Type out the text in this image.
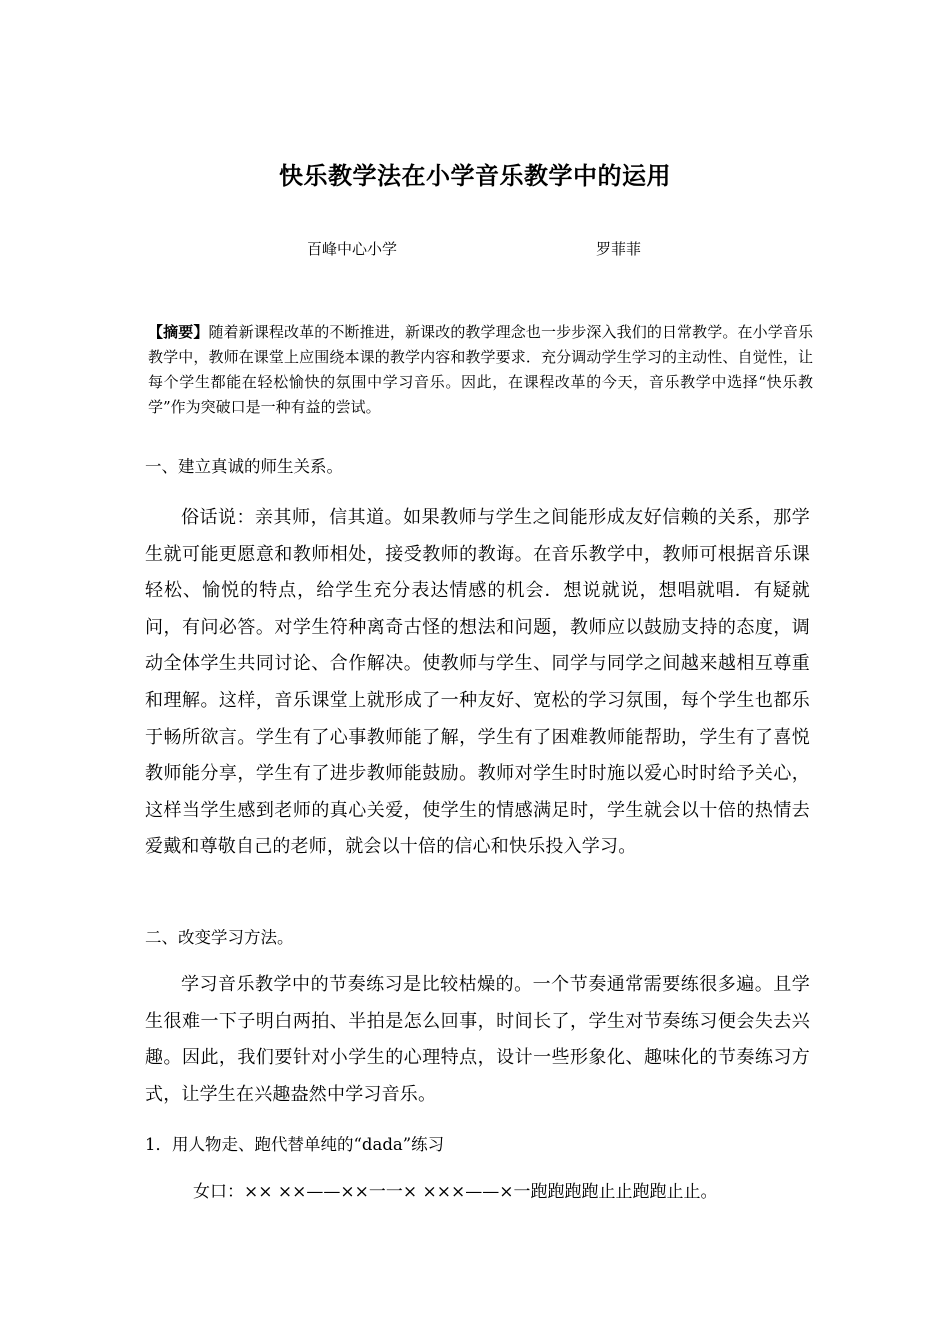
快乐教学法在小学音乐教学中的运用
百峰中心小学	罗菲菲
【摘要】随着新课程改革的不断推进，新课改的教学理念也一步步深入我们的日常教学。在小学音乐教学中，教师在课堂上应围绕本课的教学内容和教学要求．充分调动学生学习的主动性、自觉性，让每个学生都能在轻松愉快的氛围中学习音乐。因此，在课程改革的今天，音乐教学中选择“快乐教学”作为突破口是一种有益的尝试。
一、建立真诚的师生关系。
俗话说：亲其师，信其道。如果教师与学生之间能形成友好信赖的关系，那学生就可能更愿意和教师相处，接受教师的教诲。在音乐教学中，教师可根据音乐课轻松、愉悦的特点，给学生充分表达情感的机会．想说就说，想唱就唱．有疑就问，有问必答。对学生符种离奇古怪的想法和问题，教师应以鼓励支持的态度，调动全体学生共同讨论、合作解决。使教师与学生、同学与同学之间越来越相互尊重和理解。这样，音乐课堂上就形成了一种友好、宽松的学习氛围，每个学生也都乐于畅所欲言。学生有了心事教师能了解，学生有了困难教师能帮助，学生有了喜悦教师能分享，学生有了进步教师能鼓励。教师对学生时时施以爱心时时给予关心，这样当学生感到老师的真心关爱，使学生的情感满足时，学生就会以十倍的热情去爱戴和尊敬自己的老师，就会以十倍的信心和快乐投入学习。
二、改变学习方法。
学习音乐教学中的节奏练习是比较枯燥的。一个节奏通常需要练很多遍。且学生很难一下子明白两拍、半拍是怎么回事，时间长了，学生对节奏练习便会失去兴趣。因此，我们要针对小学生的心理特点，设计一些形象化、趣味化的节奏练习方式，让学生在兴趣盎然中学习音乐。
1．用人物走、跑代替单纯的“dada”练习
女口：×× ××——××一一× ×××——×一跑跑跑跑止止跑跑止止。
